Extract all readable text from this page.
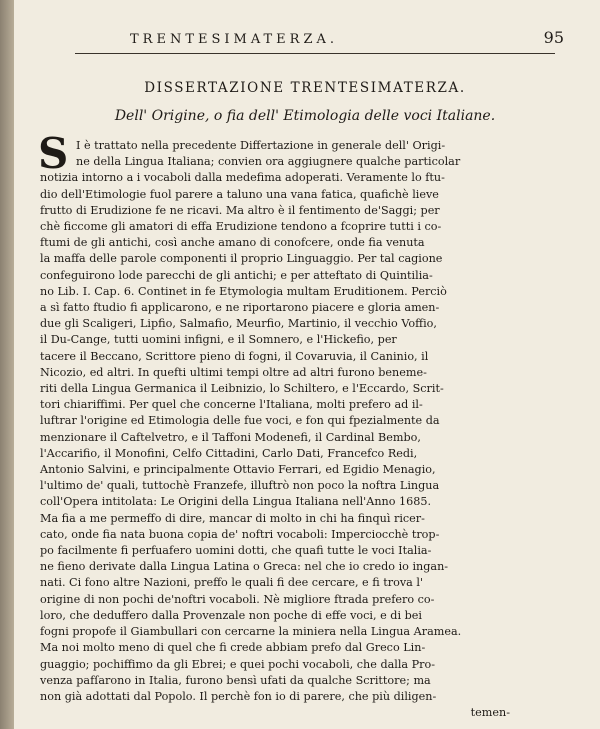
TRENTESIMATERZA.	95
DISSERTAZIONE TRENTESIMATERZA.
Dell' Origine, o fia dell' Etimologia delle voci Italiane.
S I è trattato nella precedente Differtazione in generale dell' Origi-
ne della Lingua Italiana; convien ora aggiugnere qualche particolar
notizia intorno a i vocaboli dalla medefima adoperati. Veramente lo ftu-
dio dell'Etimologie fuol parere a taluno una vana fatica, quafichè lieve
frutto di Erudizione fe ne ricavi. Ma altro è il fentimento de'Saggi; per
chè ficcome gli amatori di effa Erudizione tendono a fcoprire tutti i co-
ftumi de gli antichi, così anche amano di conofcere, onde fia venuta
la maffa delle parole componenti il proprio Linguaggio. Per tal cagione
confeguirono lode parecchi de gli antichi; e per atteftato di Quintilia-
no Lib. I. Cap. 6. Continet in fe Etymologia multam Eruditionem. Perciò
a sì fatto ftudio fi applicarono, e ne riportarono piacere e gloria amen-
due gli Scaligeri, Lipfio, Salmafio, Meurfio, Martinio, il vecchio Voffio,
il Du-Cange, tutti uomini infigni, e il Somnero, e l'Hickefio, per
tacere il Beccano, Scrittore pieno di fogni, il Covaruvia, il Caninio, il
Nicozio, ed altri. In quefti ultimi tempi oltre ad altri furono beneme-
riti della Lingua Germanica il Leibnizio, lo Schiltero, e l'Eccardo, Scrit-
tori chiariffimi. Per quel che concerne l'Italiana, molti prefero ad il-
luftrar l'origine ed Etimologia delle fue voci, e fon qui fpezialmente da
menzionare il Caftelvetro, e il Taffoni Modenefi, il Cardinal Bembo,
l'Accarifio, il Monofini, Celfo Cittadini, Carlo Dati, Francefco Redi,
Antonio Salvini, e principalmente Ottavio Ferrari, ed Egidio Menagio,
l'ultimo de' quali, tuttochè Franzefe, illuftrò non poco la noftra Lingua
coll'Opera intitolata: Le Origini della Lingua Italiana nell'Anno 1685.
Ma fia a me permeffo di dire, mancar di molto in chi ha finquì ricer-
cato, onde fia nata buona copia de' noftri vocaboli: Imperciocchè trop-
po facilmente fi perfuafero uomini dotti, che quafi tutte le voci Italia-
ne fieno derivate dalla Lingua Latina o Greca: nel che io credo io ingan-
nati. Ci fono altre Nazioni, preffo le quali fi dee cercare, e fi trova l'
origine di non pochi de'noftri vocaboli. Nè migliore ftrada prefero co-
loro, che deduffero dalla Provenzale non poche di effe voci, e di bei
fogni propofe il Giambullari con cercarne la miniera nella Lingua Aramea.
Ma noi molto meno di quel che fi crede abbiam prefo dal Greco Lin-
guaggio; pochiffimo da gli Ebrei; e quei pochi vocaboli, che dalla Pro-
venza pafſarono in Italia, furono bensì ufati da qualche Scrittore; ma
non già adottati dal Popolo. Il perchè fon io di parere, che più diligen-
temen-
